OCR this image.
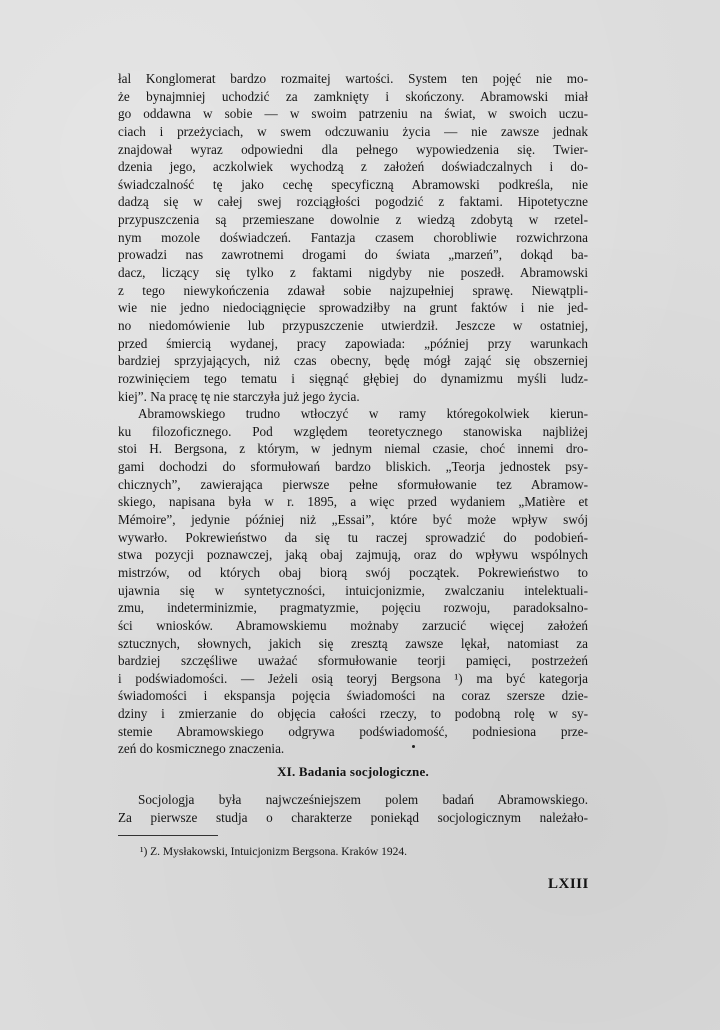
łal Konglomerat bardzo rozmaitej wartości. System ten pojęć nie mo-
że bynajmniej uchodzić za zamknięty i skończony. Abramowski miał
go oddawna w sobie — w swoim patrzeniu na świat, w swoich uczu-
ciach i przeżyciach, w swem odczuwaniu życia — nie zawsze jednak
znajdował wyraz odpowiedni dla pełnego wypowiedzenia się. Twier-
dzenia jego, aczkolwiek wychodzą z założeń doświadczalnych i do-
świadczalność tę jako cechę specyficzną Abramowski podkreśla, nie
dadzą się w całej swej rozciągłości pogodzić z faktami. Hipotetyczne
przypuszczenia są przemieszane dowolnie z wiedzą zdobytą w rzetel-
nym mozole doświadczeń. Fantazja czasem chorobliwie rozwichrzona
prowadzi nas zawrotnemi drogami do świata „marzeń”, dokąd ba-
dacz, liczący się tylko z faktami nigdyby nie poszedł. Abramowski
z tego niewykończenia zdawał sobie najzupełniej sprawę. Niewątpli-
wie nie jedno niedociągnięcie sprowadziłby na grunt faktów i nie jed-
no niedomówienie lub przypuszczenie utwierdził. Jeszcze w ostatniej,
przed śmiercią wydanej, pracy zapowiada: „później przy warunkach
bardziej sprzyjających, niż czas obecny, będę mógł zająć się obszerniej
rozwinięciem tego tematu i sięgnąć głębiej do dynamizmu myśli ludz-
kiej”. Na pracę tę nie starczyła już jego życia.
Abramowskiego trudno wtłoczyć w ramy któregokolwiek kierun-
ku filozoficznego. Pod względem teoretycznego stanowiska najbliżej
stoi H. Bergsona, z którym, w jednym niemal czasie, choć innemi dro-
gami dochodzi do sformułowań bardzo bliskich. „Teorja jednostek psy-
chicznych”, zawierająca pierwsze pełne sformułowanie tez Abramow-
skiego, napisana była w r. 1895, a więc przed wydaniem „Matière et
Mémoire”, jedynie później niż „Essai”, które być może wpływ swój
wywarło. Pokrewieństwo da się tu raczej sprowadzić do podobień-
stwa pozycji poznawczej, jaką obaj zajmują, oraz do wpływu wspólnych
mistrzów, od których obaj biorą swój początek. Pokrewieństwo to
ujawnia się w syntetyczności, intuicjonizmie, zwalczaniu intelektuali-
zmu, indeterminizmie, pragmatyzmie, pojęciu rozwoju, paradoksalno-
ści wniosków. Abramowskiemu możnaby zarzucić więcej założeń
sztucznych, słownych, jakich się zresztą zawsze lękał, natomiast za
bardziej szczęśliwe uważać sformułowanie teorji pamięci, postrzeżeń
i podświadomości. — Jeżeli osią teoryj Bergsona ¹) ma być kategorja
świadomości i ekspansja pojęcia świadomości na coraz szersze dzie-
dziny i zmierzanie do objęcia całości rzeczy, to podobną rolę w sy-
stemie Abramowskiego odgrywa podświadomość, podniesiona prze-
zeń do kosmicznego znaczenia.
XI. Badania socjologiczne.
Socjologja była najwcześniejszem polem badań Abramowskiego.
Za pierwsze studja o charakterze poniekąd socjologicznym należało-
¹) Z. Mysłakowski, Intuicjonizm Bergsona. Kraków 1924.
LXIII
